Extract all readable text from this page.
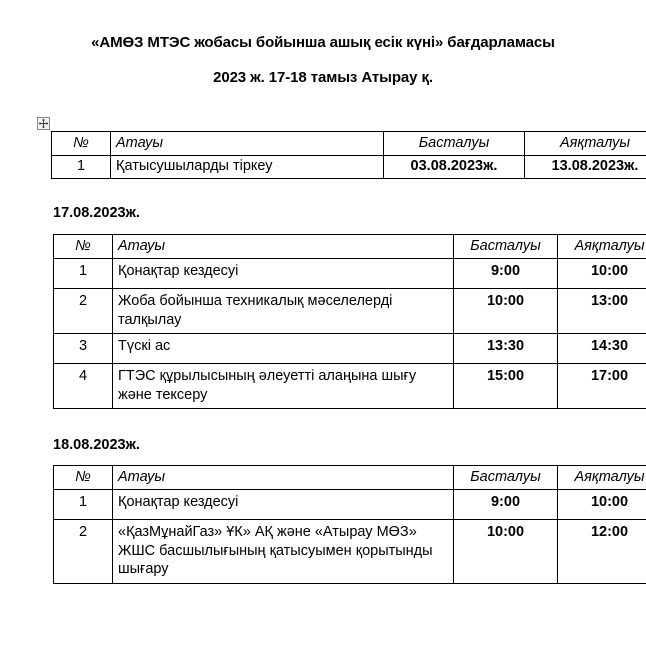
«АМӨЗ МТЭС жобасы бойынша ашық есік күні» бағдарламасы
2023 ж. 17-18 тамыз Атырау қ.
№	Атауы	Басталуы	Аяқталуы
1	Қатысушыларды тіркеу	03.08.2023ж.	13.08.2023ж.
17.08.2023ж.
№	Атауы	Басталуы	Аяқталуы
1	Қонақтар кездесуі	9:00	10:00
2	Жоба бойынша техникалық мәселелерді талқылау	10:00	13:00
3	Түскі ас	13:30	14:30
4	ГТЭС құрылысының әлеуетті алаңына шығу және тексеру	15:00	17:00
18.08.2023ж.
№	Атауы	Басталуы	Аяқталуы
1	Қонақтар кездесуі	9:00	10:00
2	«ҚазМұнайГаз» ҰК» АҚ және «Атырау МӨЗ» ЖШС басшылығының қатысуымен қорытынды шығару	10:00	12:00
